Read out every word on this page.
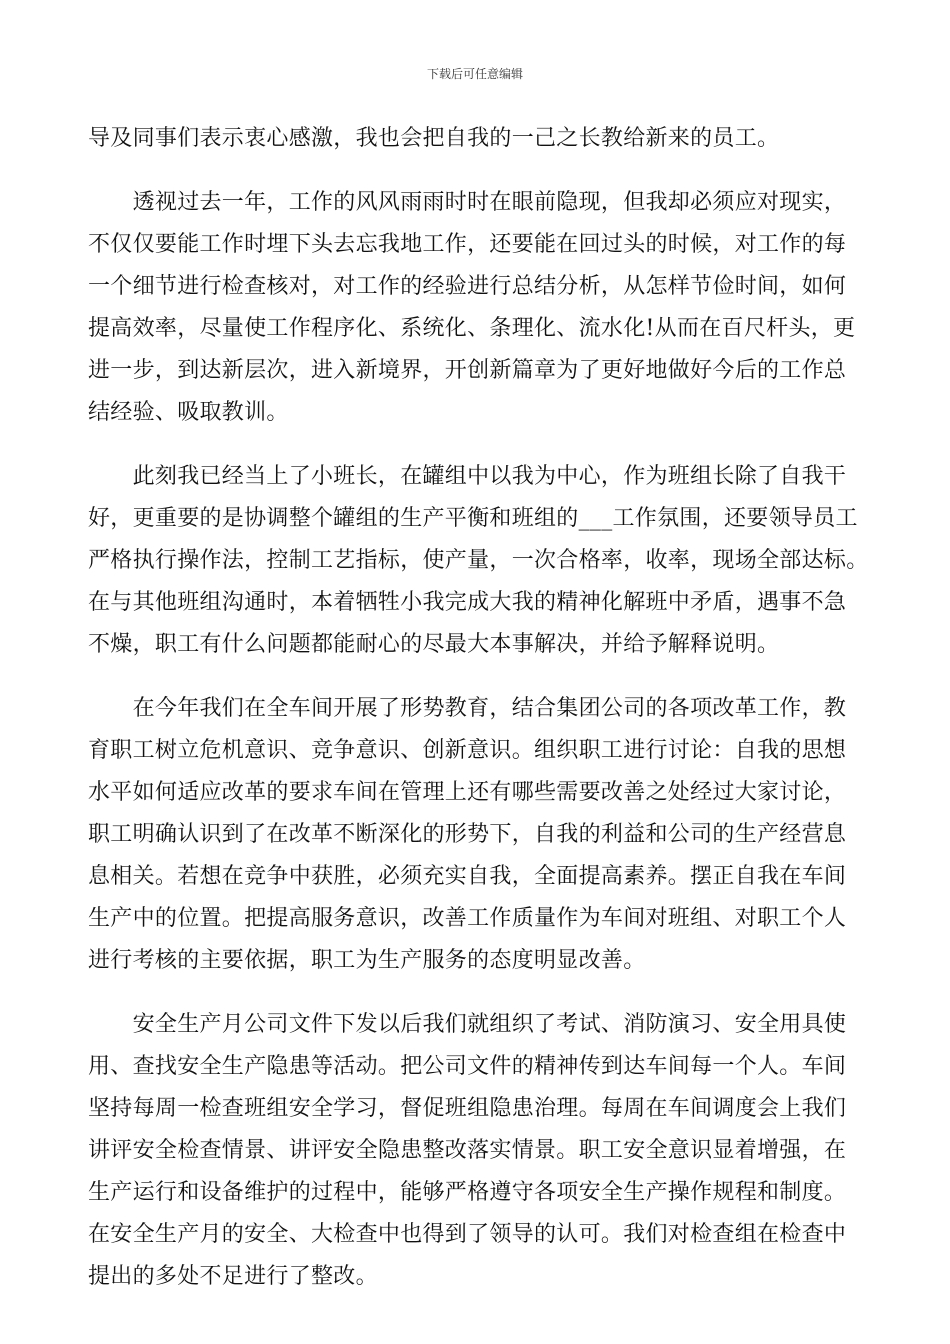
下载后可任意编辑
导及同事们表示衷心感激，我也会把自我的一己之长教给新来的员工。
　　透视过去一年，工作的风风雨雨时时在眼前隐现，但我却必须应对现实，
不仅仅要能工作时埋下头去忘我地工作，还要能在回过头的时候，对工作的每
一个细节进行检查核对，对工作的经验进行总结分析，从怎样节俭时间，如何
提高效率，尽量使工作程序化、系统化、条理化、流水化!从而在百尺杆头，更
进一步，到达新层次，进入新境界，开创新篇章为了更好地做好今后的工作总
结经验、吸取教训。
　　此刻我已经当上了小班长，在罐组中以我为中心，作为班组长除了自我干
好，更重要的是协调整个罐组的生产平衡和班组的___工作氛围，还要领导员工
严格执行操作法，控制工艺指标，使产量，一次合格率，收率，现场全部达标。
在与其他班组沟通时，本着牺牲小我完成大我的精神化解班中矛盾，遇事不急
不燥，职工有什么问题都能耐心的尽最大本事解决，并给予解释说明。
　　在今年我们在全车间开展了形势教育，结合集团公司的各项改革工作，教
育职工树立危机意识、竞争意识、创新意识。组织职工进行讨论：自我的思想
水平如何适应改革的要求车间在管理上还有哪些需要改善之处经过大家讨论，
职工明确认识到了在改革不断深化的形势下，自我的利益和公司的生产经营息
息相关。若想在竞争中获胜，必须充实自我，全面提高素养。摆正自我在车间
生产中的位置。把提高服务意识，改善工作质量作为车间对班组、对职工个人
进行考核的主要依据，职工为生产服务的态度明显改善。
　　安全生产月公司文件下发以后我们就组织了考试、消防演习、安全用具使
用、查找安全生产隐患等活动。把公司文件的精神传到达车间每一个人。车间
坚持每周一检查班组安全学习，督促班组隐患治理。每周在车间调度会上我们
讲评安全检查情景、讲评安全隐患整改落实情景。职工安全意识显着增强，在
生产运行和设备维护的过程中，能够严格遵守各项安全生产操作规程和制度。
在安全生产月的安全、大检查中也得到了领导的认可。我们对检查组在检查中
提出的多处不足进行了整改。
